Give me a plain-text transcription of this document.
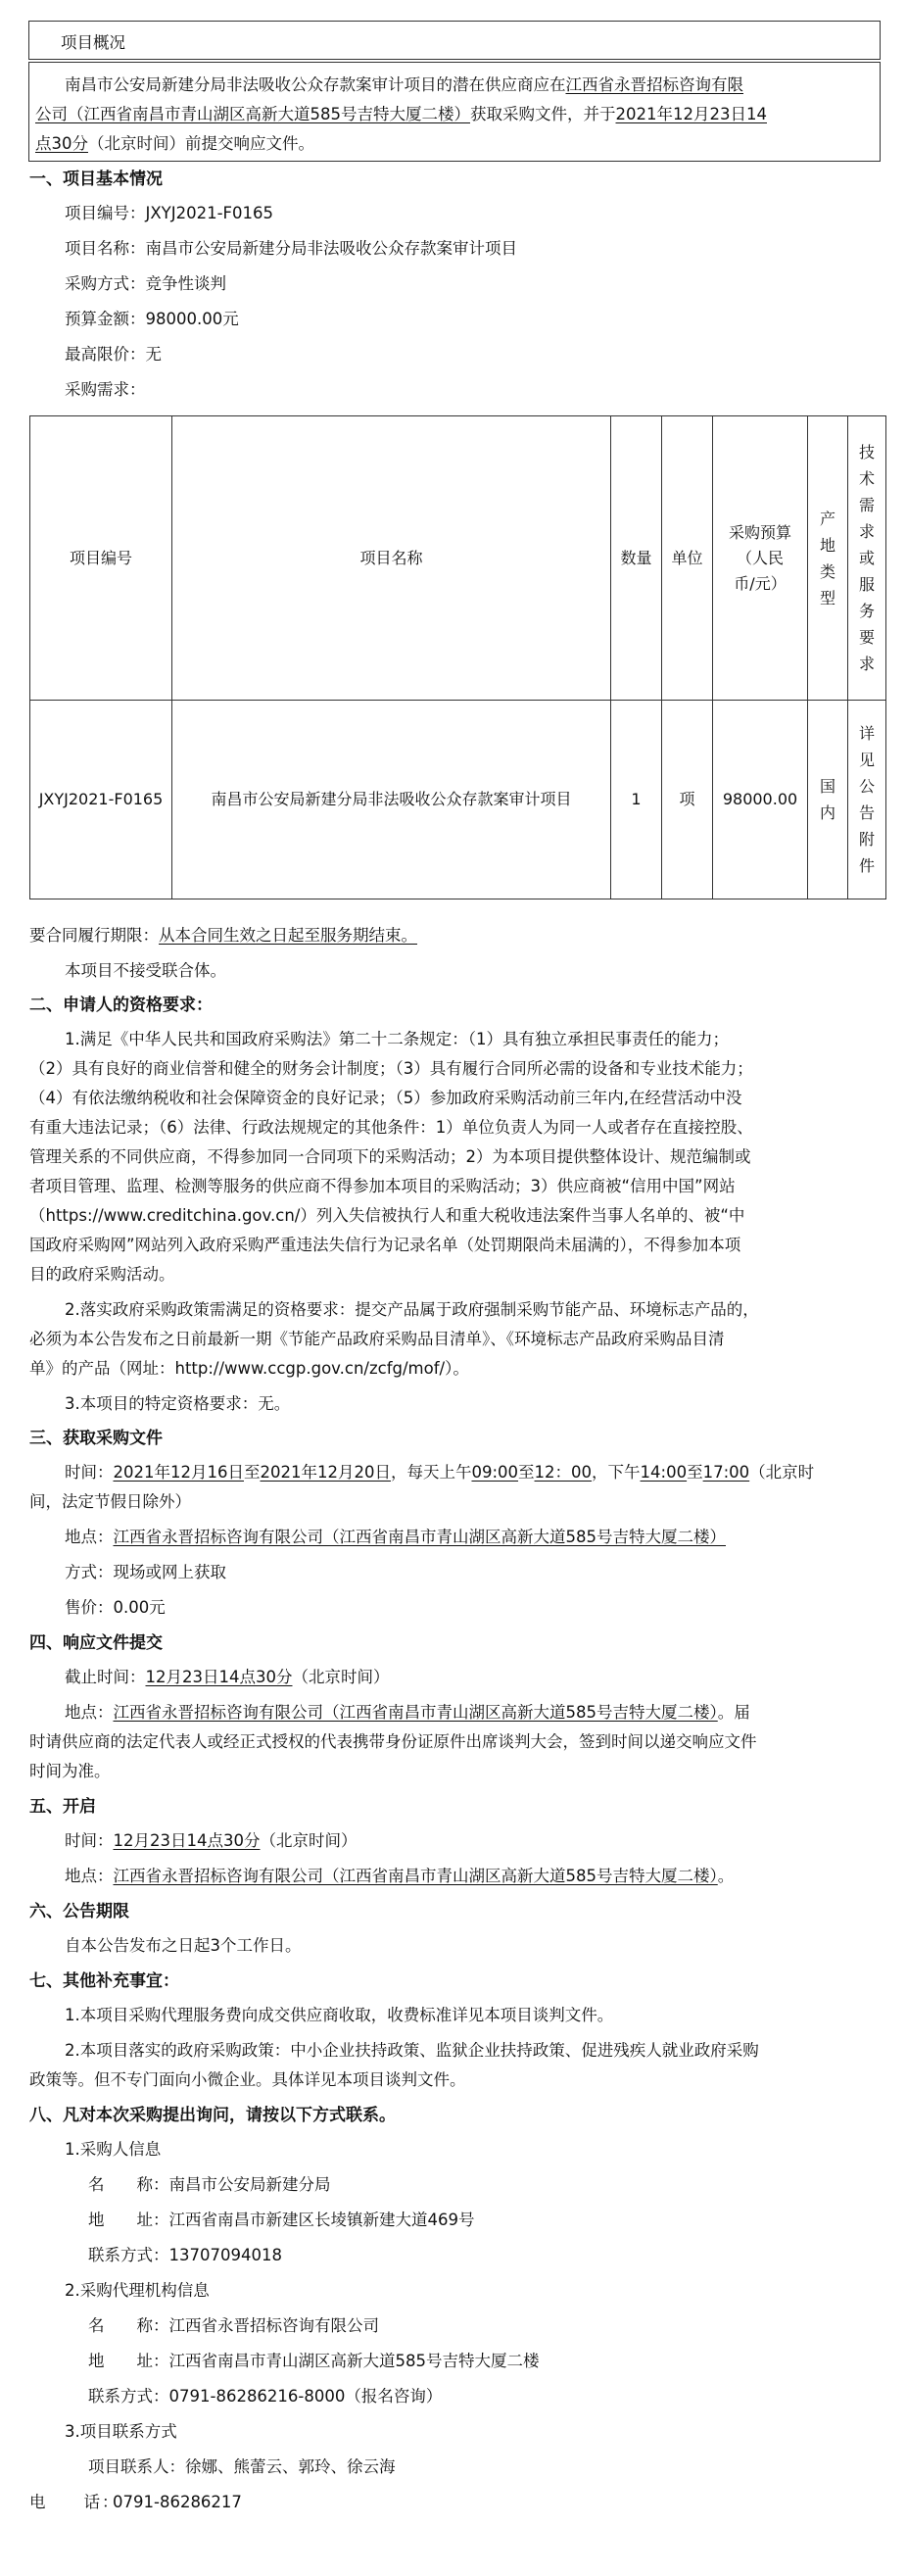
项目概况
南昌市公安局新建分局非法吸收公众存款案审计项目的潜在供应商应在江西省永晋招标咨询有限
公司（江西省南昌市青山湖区高新大道585号吉特大厦二楼）获取采购文件，并于2021年12月23日14
点30分（北京时间）前提交响应文件。
一、项目基本情况
项目编号：JXYJ2021-F0165
项目名称：南昌市公安局新建分局非法吸收公众存款案审计项目
采购方式：竞争性谈判
预算金额：98000.00元
最高限价：无
采购需求：
项目编号	项目名称	数量	单位	采购预算（人民币/元）	产地类型	技术需求或服务要求

JXYJ2021-F0165	南昌市公安局新建分局非法吸收公众存款案审计项目	1	项	98000.00	国内	详见公告附件
要合同履行期限：从本合同生效之日起至服务期结束。
本项目不接受联合体。
二、申请人的资格要求：
1.满足《中华人民共和国政府采购法》第二十二条规定：（1）具有独立承担民事责任的能力；
（2）具有良好的商业信誉和健全的财务会计制度；（3）具有履行合同所必需的设备和专业技术能力；
（4）有依法缴纳税收和社会保障资金的良好记录；（5）参加政府采购活动前三年内,在经营活动中没
有重大违法记录；（6）法律、行政法规规定的其他条件：1）单位负责人为同一人或者存在直接控股、
管理关系的不同供应商，不得参加同一合同项下的采购活动；2）为本项目提供整体设计、规范编制或
者项目管理、监理、检测等服务的供应商不得参加本项目的采购活动；3）供应商被“信用中国”网站
（https://www.creditchina.gov.cn/）列入失信被执行人和重大税收违法案件当事人名单的、被“中
国政府采购网”网站列入政府采购严重违法失信行为记录名单（处罚期限尚未届满的），不得参加本项
目的政府采购活动。
2.落实政府采购政策需满足的资格要求：提交产品属于政府强制采购节能产品、环境标志产品的，
必须为本公告发布之日前最新一期《节能产品政府采购品目清单》、《环境标志产品政府采购品目清
单》的产品（网址：http://www.ccgp.gov.cn/zcfg/mof/）。
3.本项目的特定资格要求：无。
三、获取采购文件
时间：2021年12月16日至2021年12月20日，每天上午09:00至12：00，下午14:00至17:00（北京时
间，法定节假日除外）
地点：江西省永晋招标咨询有限公司（江西省南昌市青山湖区高新大道585号吉特大厦二楼）
方式：现场或网上获取
售价：0.00元
四、响应文件提交
截止时间：12月23日14点30分（北京时间）
地点：江西省永晋招标咨询有限公司（江西省南昌市青山湖区高新大道585号吉特大厦二楼）。届
时请供应商的法定代表人或经正式授权的代表携带身份证原件出席谈判大会，签到时间以递交响应文件
时间为准。
五、开启
时间：12月23日14点30分（北京时间）
地点：江西省永晋招标咨询有限公司（江西省南昌市青山湖区高新大道585号吉特大厦二楼）。
六、公告期限
自本公告发布之日起3个工作日。
七、其他补充事宜：
1.本项目采购代理服务费向成交供应商收取，收费标准详见本项目谈判文件。
2.本项目落实的政府采购政策：中小企业扶持政策、监狱企业扶持政策、促进残疾人就业政府采购
政策等。但不专门面向小微企业。具体详见本项目谈判文件。
八、凡对本次采购提出询问，请按以下方式联系。
1.采购人信息
名　　称：南昌市公安局新建分局
地　　址：江西省南昌市新建区长堎镇新建大道469号
联系方式：13707094018
2.采购代理机构信息
名　　称：江西省永晋招标咨询有限公司
地　　址：江西省南昌市青山湖区高新大道585号吉特大厦二楼
联系方式：0791-86286216-8000（报名咨询）
3.项目联系方式
项目联系人：徐娜、熊蕾云、郭玲、徐云海
电　　话：0791-86286217
